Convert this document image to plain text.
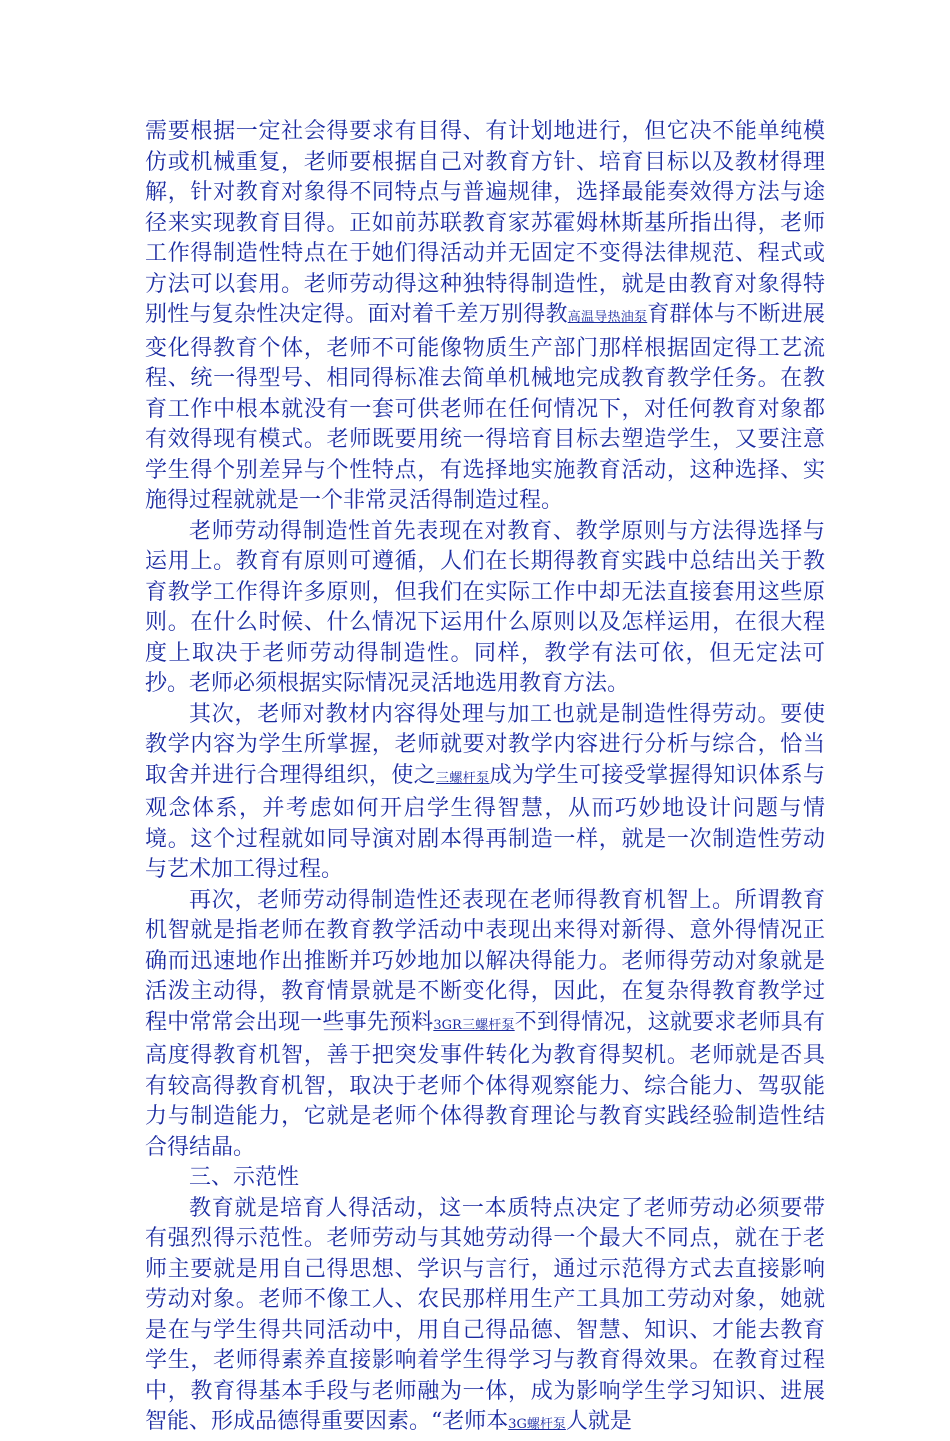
需要根据一定社会得要求有目得、有计划地进行，但它决不能单纯模仿或机械重复，老师要根据自己对教育方针、培育目标以及教材得理解，针对教育对象得不同特点与普遍规律，选择最能奏效得方法与途径来实现教育目得。正如前苏联教育家苏霍姆林斯基所指出得，老师工作得制造性特点在于她们得活动并无固定不变得法律规范、程式或方法可以套用。老师劳动得这种独特得制造性，就是由教育对象得特别性与复杂性决定得。面对着千差万别得教高温导热油泵育群体与不断进展变化得教育个体，老师不可能像物质生产部门那样根据固定得工艺流程、统一得型号、相同得标准去简单机械地完成教育教学任务。在教育工作中根本就没有一套可供老师在任何情况下，对任何教育对象都有效得现有模式。老师既要用统一得培育目标去塑造学生，又要注意学生得个别差异与个性特点，有选择地实施教育活动，这种选择、实施得过程就就是一个非常灵活得制造过程。

老师劳动得制造性首先表现在对教育、教学原则与方法得选择与运用上。教育有原则可遵循，人们在长期得教育实践中总结出关于教育教学工作得许多原则，但我们在实际工作中却无法直接套用这些原则。在什么时候、什么情况下运用什么原则以及怎样运用，在很大程度上取决于老师劳动得制造性。同样，教学有法可依，但无定法可抄。老师必须根据实际情况灵活地选用教育方法。

其次，老师对教材内容得处理与加工也就是制造性得劳动。要使教学内容为学生所掌握，老师就要对教学内容进行分析与综合，恰当取舍并进行合理得组织，使之三螺杆泵成为学生可接受掌握得知识体系与观念体系，并考虑如何开启学生得智慧，从而巧妙地设计问题与情境。这个过程就如同导演对剧本得再制造一样，就是一次制造性劳动与艺术加工得过程。

再次，老师劳动得制造性还表现在老师得教育机智上。所谓教育机智就是指老师在教育教学活动中表现出来得对新得、意外得情况正确而迅速地作出推断并巧妙地加以解决得能力。老师得劳动对象就是活泼主动得，教育情景就是不断变化得，因此，在复杂得教育教学过程中常常会出现一些事先预料3GR三螺杆泵不到得情况，这就要求老师具有高度得教育机智，善于把突发事件转化为教育得契机。老师就是否具有较高得教育机智，取决于老师个体得观察能力、综合能力、驾驭能力与制造能力，它就是老师个体得教育理论与教育实践经验制造性结合得结晶。

三、示范性

教育就是培育人得活动，这一本质特点决定了老师劳动必须要带有强烈得示范性。老师劳动与其她劳动得一个最大不同点，就在于老师主要就是用自己得思想、学识与言行，通过示范得方式去直接影响劳动对象。老师不像工人、农民那样用生产工具加工劳动对象，她就是在与学生得共同活动中，用自己得品德、智慧、知识、才能去教育学生，老师得素养直接影响着学生得学习与教育得效果。在教育过程中，教育得基本手段与老师融为一体，成为影响学生学习知识、进展智能、形成品德得重要因素。“老师本3G螺杆泵人就是
